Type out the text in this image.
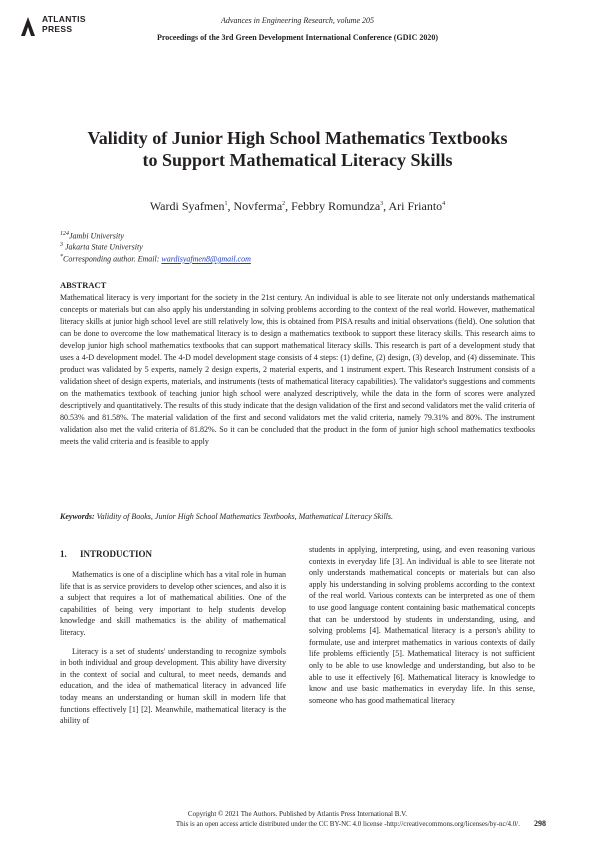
ATLANTIS
PRESS
Advances in Engineering Research, volume 205
Proceedings of the 3rd Green Development International Conference (GDIC 2020)
Validity of Junior High School Mathematics Textbooks
to Support Mathematical Literacy Skills
Wardi Syafmen$^1$, Novferma$^2$, Febbry Romundza$^3$, Ari Frianto$^4$
$^{124}$Jambi University
$^3$ Jakarta State University
*Corresponding author. Email: wardisyafmen8@gmail.com
ABSTRACT

Mathematical literacy is very important for the society in the 21st century. An individual is able to see literate not only understands mathematical concepts or materials but can also apply his understanding in solving problems according to the context of the real world. However, mathematical literacy skills at junior high school level are still relatively low, this is obtained from PISA results and initial observations (field). One solution that can be done to overcome the low mathematical literacy is to design a mathematics textbook to support these literacy skills. This research aims to develop junior high school mathematics textbooks that can support mathematical literacy skills. This research is part of a development study that uses a 4-D development model. The 4-D model development stage consists of 4 steps: (1) define, (2) design, (3) develop, and (4) disseminate. This product was validated by 5 experts, namely 2 design experts, 2 material experts, and 1 instrument expert. This Research Instrument consists of a validation sheet of design experts, materials, and instruments (tests of mathematical literacy capabilities). The validator's suggestions and comments on the mathematics textbook of teaching junior high school were analyzed descriptively, while the data in the form of scores were analyzed descriptively and quantitatively. The results of this study indicate that the design validation of the first and second validators met the valid criteria of 80.53% and 81.58%. The material validation of the first and second validators met the valid criteria, namely 79.31% and 80%. The instrument validation also met the valid criteria of 81.82%. So it can be concluded that the product in the form of junior high school mathematics textbooks meets the valid criteria and is feasible to apply

Keywords: Validity of Books, Junior High School Mathematics Textbooks, Mathematical Literacy Skills.
1. INTRODUCTION

Mathematics is one of a discipline which has a vital role in human life that is as service providers to develop other sciences, and also it is a subject that requires a lot of mathematical abilities. One of the capabilities of being very important to help students develop knowledge and skill mathematics is the ability of mathematical literacy.

Literacy is a set of students' understanding to recognize symbols in both individual and group development. This ability have diversity in the context of social and cultural, to meet needs, demands and education, and the idea of mathematical literacy in advanced life today means an understanding or human skill in modern life that functions effectively [1] [2]. Meanwhile, mathematical literacy is the ability of

students in applying, interpreting, using, and even reasoning various contexts in everyday life [3]. An individual is able to see literate not only understands mathematical concepts or materials but can also apply his understanding in solving problems according to the context of the real world. Various contexts can be interpreted as one of them to use good language content containing basic mathematical concepts that can be understood by students in understanding, using, and solving problems [4]. Mathematical literacy is a person's ability to formulate, use and interpret mathematics in various contexts of daily life problems efficiently [5]. Mathematical literacy is not sufficient only to be able to use knowledge and understanding, but also to be able to use it effectively [6]. Mathematical literacy is knowledge to know and use basic mathematics in everyday life. In this sense, someone who has good mathematical literacy

Copyright © 2021 The Authors. Published by Atlantis Press International B.V.
This is an open access article distributed under the CC BY-NC 4.0 license -http://creativecommons.org/licenses/by-nc/4.0/. 298
